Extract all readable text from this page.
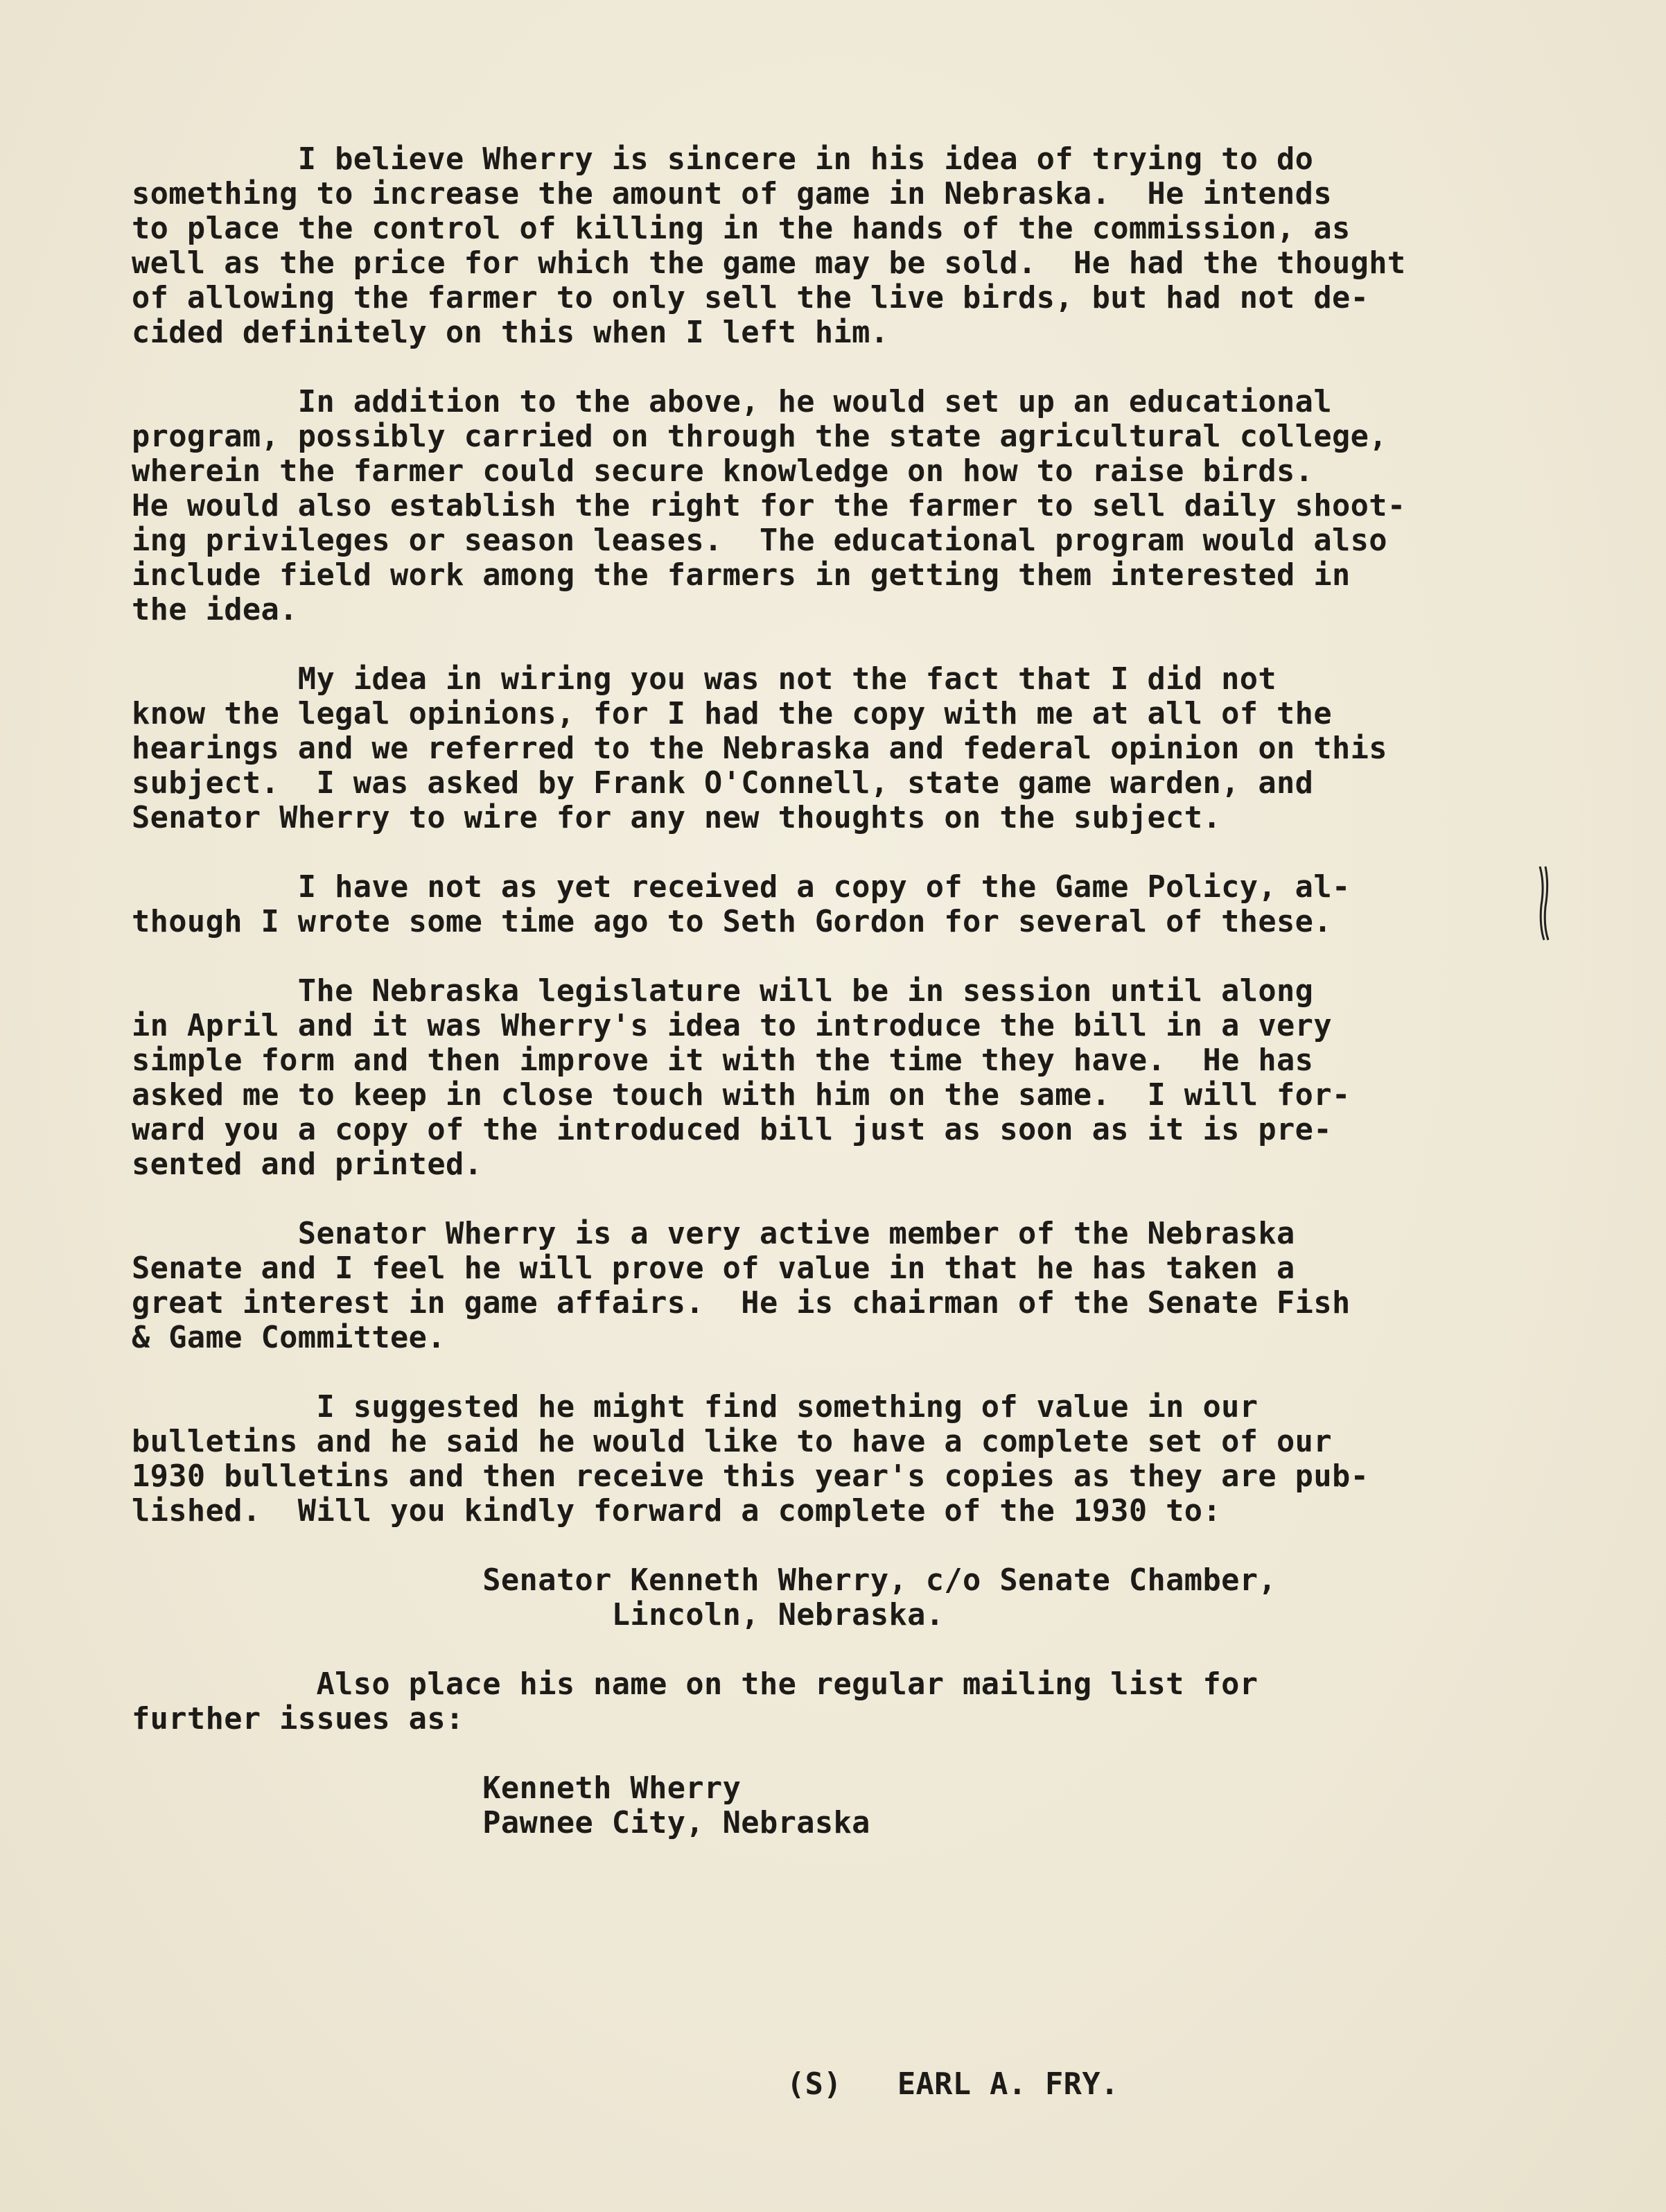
I believe Wherry is sincere in his idea of trying to do
something to increase the amount of game in Nebraska.  He intends
to place the control of killing in the hands of the commission, as
well as the price for which the game may be sold.  He had the thought
of allowing the farmer to only sell the live birds, but had not de-
cided definitely on this when I left him.
In addition to the above, he would set up an educational
program, possibly carried on through the state agricultural college,
wherein the farmer could secure knowledge on how to raise birds.
He would also establish the right for the farmer to sell daily shoot-
ing privileges or season leases.  The educational program would also
include field work among the farmers in getting them interested in
the idea.
My idea in wiring you was not the fact that I did not
know the legal opinions, for I had the copy with me at all of the
hearings and we referred to the Nebraska and federal opinion on this
subject.  I was asked by Frank O'Connell, state game warden, and
Senator Wherry to wire for any new thoughts on the subject.
I have not as yet received a copy of the Game Policy, al-
though I wrote some time ago to Seth Gordon for several of these.
The Nebraska legislature will be in session until along
in April and it was Wherry's idea to introduce the bill in a very
simple form and then improve it with the time they have.  He has
asked me to keep in close touch with him on the same.  I will for-
ward you a copy of the introduced bill just as soon as it is pre-
sented and printed.
Senator Wherry is a very active member of the Nebraska
Senate and I feel he will prove of value in that he has taken a
great interest in game affairs.  He is chairman of the Senate Fish
& Game Committee.
I suggested he might find something of value in our
bulletins and he said he would like to have a complete set of our
1930 bulletins and then receive this year's copies as they are pub-
lished.  Will you kindly forward a complete of the 1930 to:
Senator Kenneth Wherry, c/o Senate Chamber,
Lincoln, Nebraska.
Also place his name on the regular mailing list for
further issues as:
Kenneth Wherry
Pawnee City, Nebraska
(S)   EARL A. FRY.
